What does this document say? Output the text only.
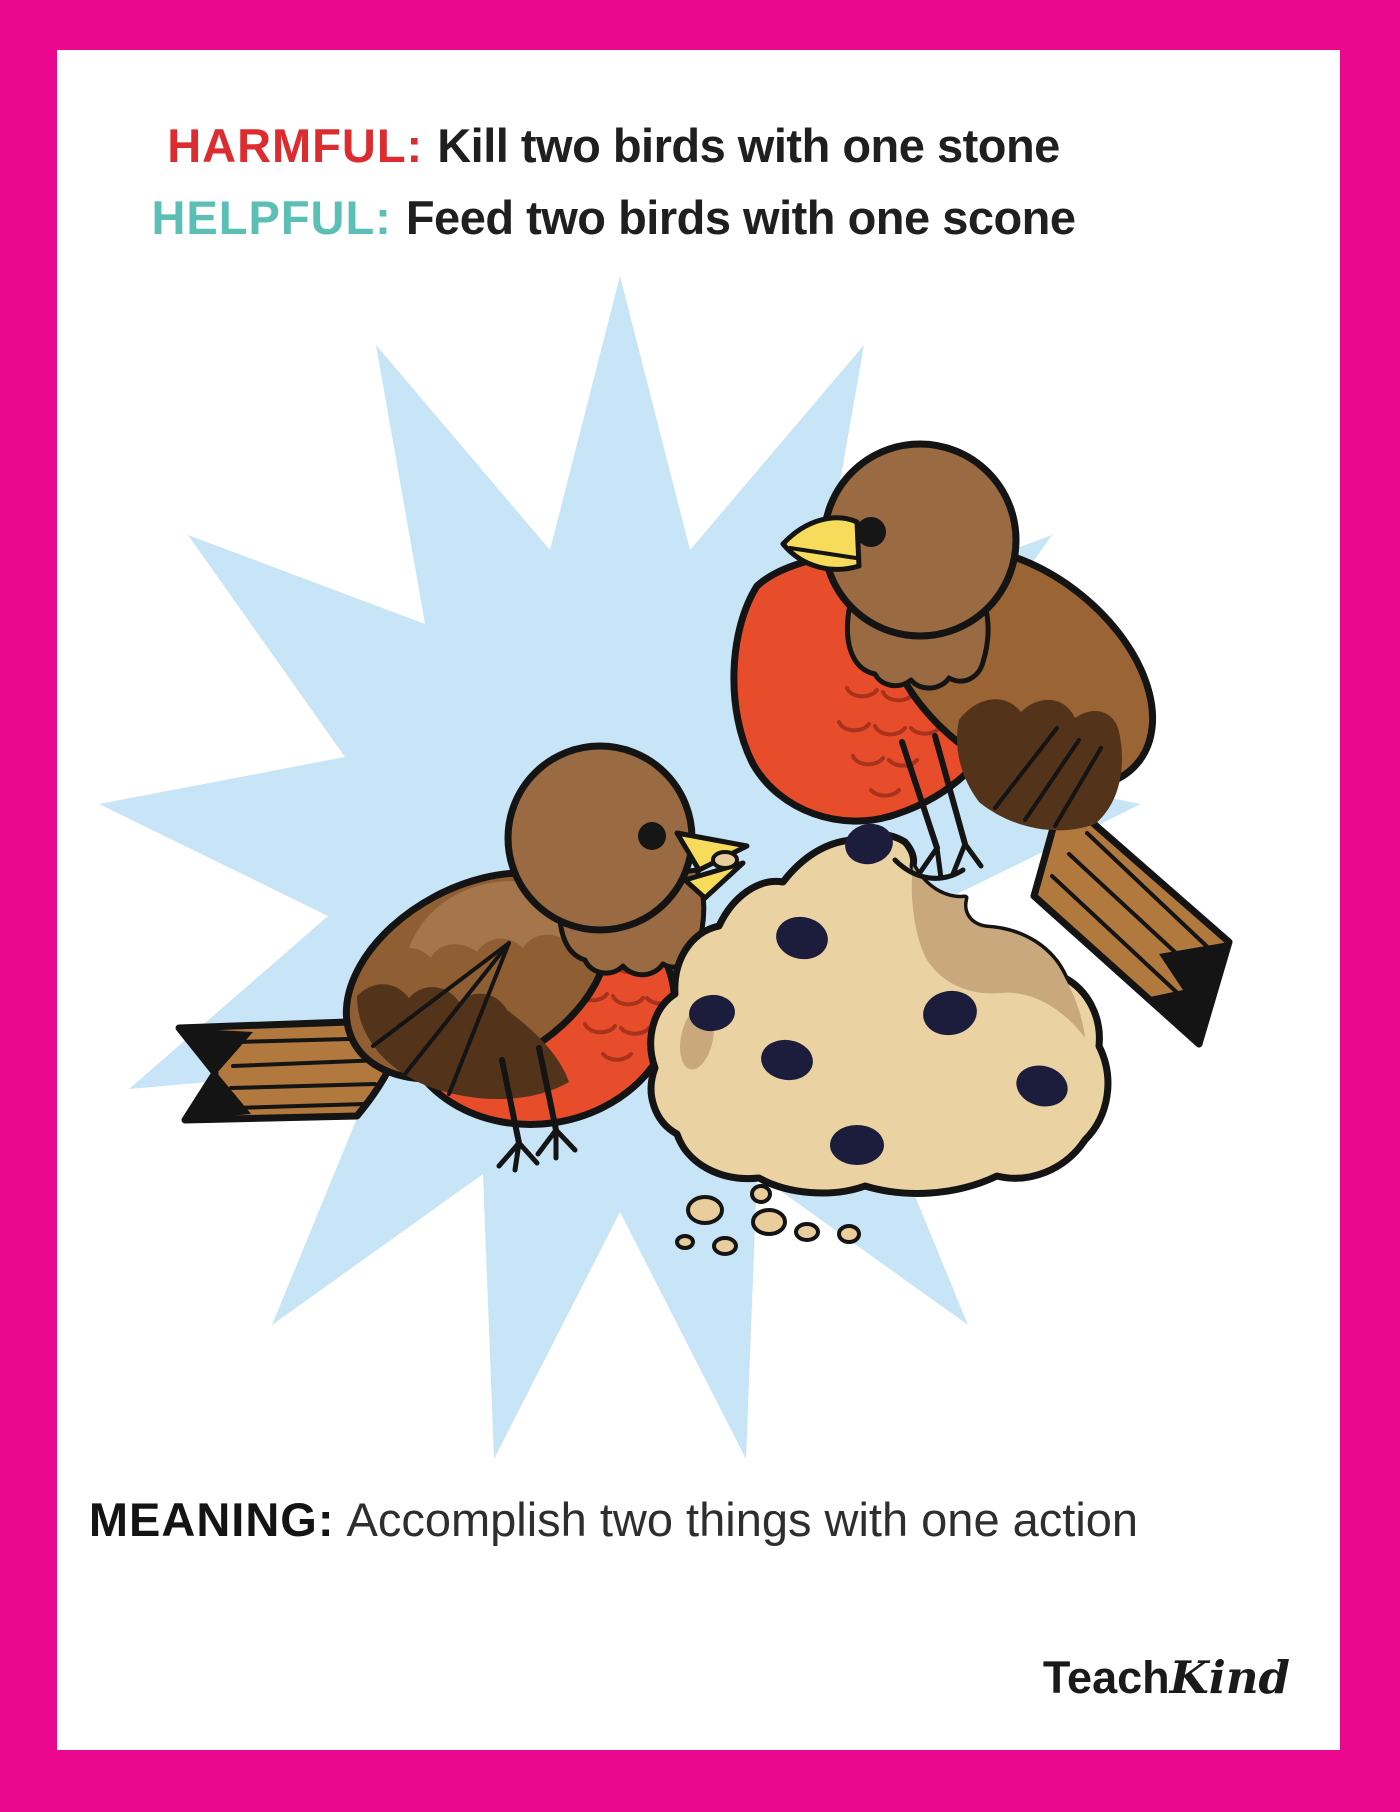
HARMFUL: Kill two birds with one stone
HELPFUL: Feed two birds with one scone
MEANING: Accomplish two things with one action
TeachKind
